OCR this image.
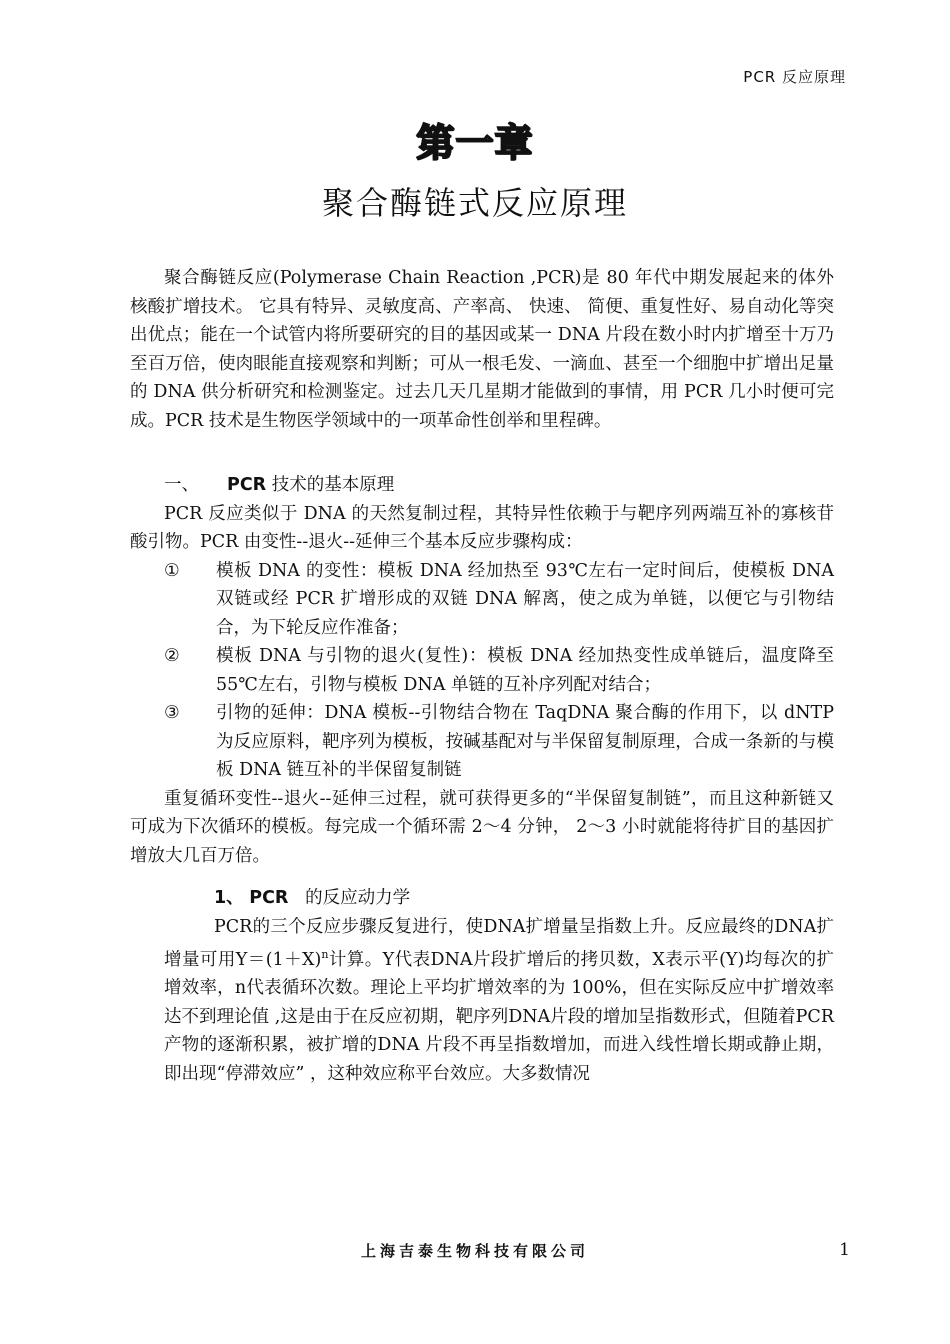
PCR 反应原理
第一章
聚合酶链式反应原理

聚合酶链反应(Polymerase Chain Reaction ,PCR)是 80 年代中期发展起来的体外核酸扩增技术。 它具有特异、灵敏度高、产率高、 快速、 简便、重复性好、易自动化等突出优点；能在一个试管内将所要研究的目的基因或某一 DNA 片段在数小时内扩增至十万乃至百万倍，使肉眼能直接观察和判断；可从一根毛发、一滴血、甚至一个细胞中扩增出足量的 DNA 供分析研究和检测鉴定。过去几天几星期才能做到的事情，用 PCR 几小时便可完成。PCR 技术是生物医学领域中的一项革命性创举和里程碑。

一、 PCR 技术的基本原理

PCR 反应类似于 DNA 的天然复制过程，其特异性依赖于与靶序列两端互补的寡核苷酸引物。PCR 由变性--退火--延伸三个基本反应步骤构成：

① 模板 DNA 的变性：模板 DNA 经加热至 93℃左右一定时间后，使模板 DNA 双链或经 PCR 扩增形成的双链 DNA 解离，使之成为单链，以便它与引物结合，为下轮反应作准备；
② 模板 DNA 与引物的退火(复性)：模板 DNA 经加热变性成单链后，温度降至 55℃左右，引物与模板 DNA 单链的互补序列配对结合；
③ 引物的延伸：DNA 模板--引物结合物在 TaqDNA 聚合酶的作用下，以 dNTP 为反应原料，靶序列为模板，按碱基配对与半保留复制原理，合成一条新的与模板 DNA 链互补的半保留复制链

重复循环变性--退火--延伸三过程，就可获得更多的“半保留复制链”，而且这种新链又可成为下次循环的模板。每完成一个循环需 2～4 分钟， 2～3 小时就能将待扩目的基因扩增放大几百万倍。

1、 PCR 的反应动力学

PCR的三个反应步骤反复进行，使DNA扩增量呈指数上升。反应最终的DNA扩增量可用$Y=(1+X)^n$计算。Y代表DNA片段扩增后的拷贝数，X表示平(Y)均每次的扩增效率，n代表循环次数。理论上平均扩增效率的为 100%，但在实际反应中扩增效率达不到理论值 ,这是由于在反应初期，靶序列DNA片段的增加呈指数形式，但随着PCR产物的逐渐积累，被扩增的DNA 片段不再呈指数增加，而进入线性增长期或静止期， 即出现“停滞效应” ，这种效应称平台效应。大多数情况

上海吉泰生物科技有限公司	1
